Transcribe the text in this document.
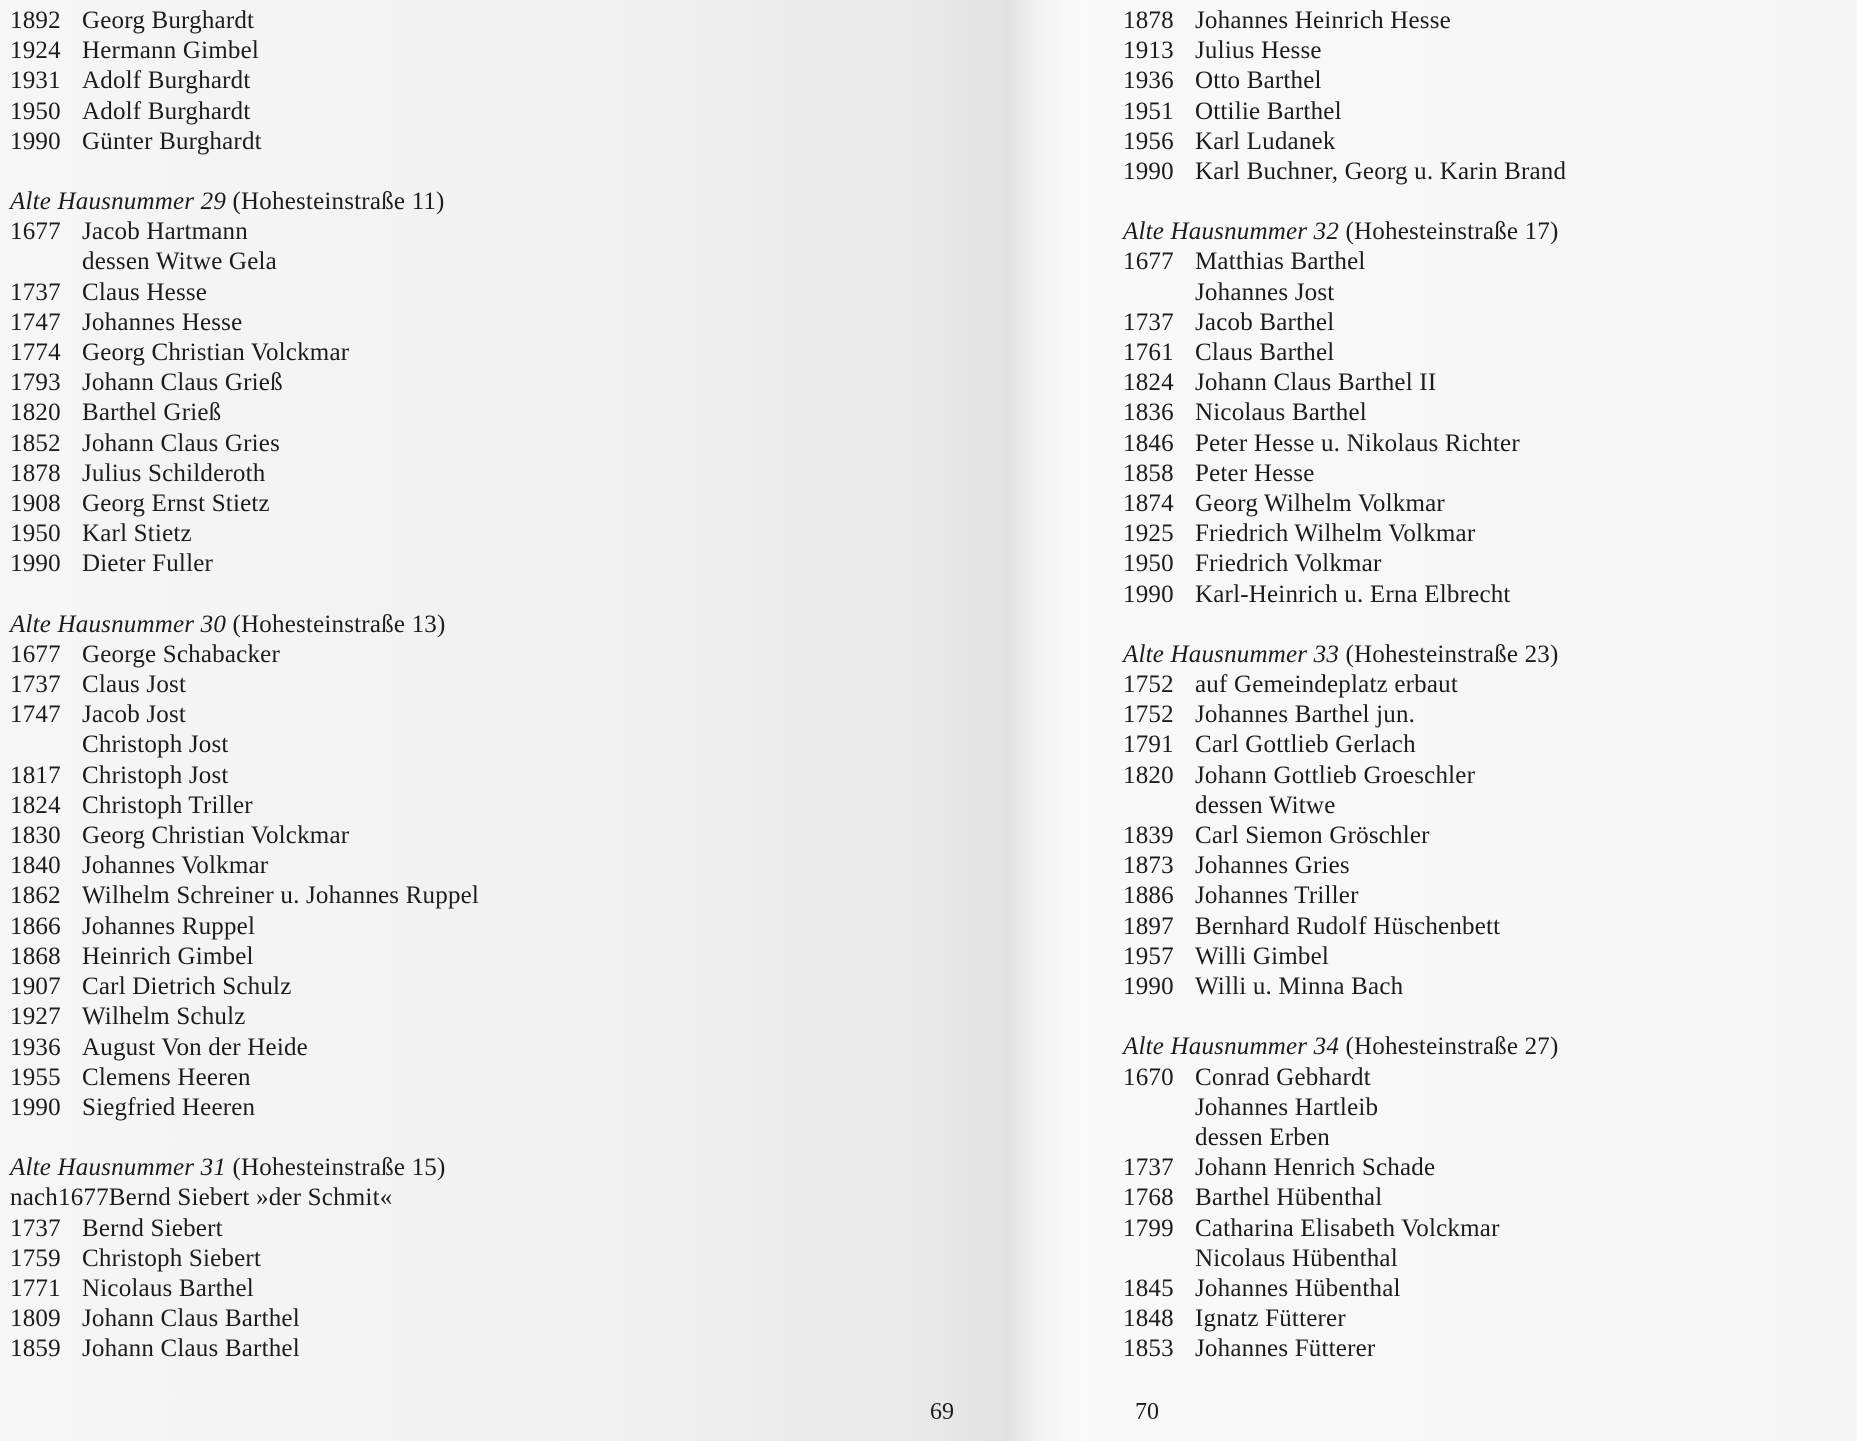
1892 Georg Burghardt
1924 Hermann Gimbel
1931 Adolf Burghardt
1950 Adolf Burghardt
1990 Günter Burghardt
Alte Hausnummer 29 (Hohesteinstraße 11)
1677 Jacob Hartmann
dessen Witwe Gela
1737 Claus Hesse
1747 Johannes Hesse
1774 Georg Christian Volckmar
1793 Johann Claus Grieß
1820 Barthel Grieß
1852 Johann Claus Gries
1878 Julius Schilderoth
1908 Georg Ernst Stietz
1950 Karl Stietz
1990 Dieter Fuller
Alte Hausnummer 30 (Hohesteinstraße 13)
1677 George Schabacker
1737 Claus Jost
1747 Jacob Jost
Christoph Jost
1817 Christoph Jost
1824 Christoph Triller
1830 Georg Christian Volckmar
1840 Johannes Volkmar
1862 Wilhelm Schreiner u. Johannes Ruppel
1866 Johannes Ruppel
1868 Heinrich Gimbel
1907 Carl Dietrich Schulz
1927 Wilhelm Schulz
1936 August Von der Heide
1955 Clemens Heeren
1990 Siegfried Heeren
Alte Hausnummer 31 (Hohesteinstraße 15)
nach1677 Bernd Siebert »der Schmit«
1737 Bernd Siebert
1759 Christoph Siebert
1771 Nicolaus Barthel
1809 Johann Claus Barthel
1859 Johann Claus Barthel
69
1878 Johannes Heinrich Hesse
1913 Julius Hesse
1936 Otto Barthel
1951 Ottilie Barthel
1956 Karl Ludanek
1990 Karl Buchner, Georg u. Karin Brand
Alte Hausnummer 32 (Hohesteinstraße 17)
1677 Matthias Barthel
Johannes Jost
1737 Jacob Barthel
1761 Claus Barthel
1824 Johann Claus Barthel II
1836 Nicolaus Barthel
1846 Peter Hesse u. Nikolaus Richter
1858 Peter Hesse
1874 Georg Wilhelm Volkmar
1925 Friedrich Wilhelm Volkmar
1950 Friedrich Volkmar
1990 Karl-Heinrich u. Erna Elbrecht
Alte Hausnummer 33 (Hohesteinstraße 23)
1752 auf Gemeindeplatz erbaut
1752 Johannes Barthel jun.
1791 Carl Gottlieb Gerlach
1820 Johann Gottlieb Groeschler
dessen Witwe
1839 Carl Siemon Gröschler
1873 Johannes Gries
1886 Johannes Triller
1897 Bernhard Rudolf Hüschenbett
1957 Willi Gimbel
1990 Willi u. Minna Bach
Alte Hausnummer 34 (Hohesteinstraße 27)
1670 Conrad Gebhardt
Johannes Hartleib
dessen Erben
1737 Johann Henrich Schade
1768 Barthel Hübenthal
1799 Catharina Elisabeth Volckmar
Nicolaus Hübenthal
1845 Johannes Hübenthal
1848 Ignatz Fütterer
1853 Johannes Fütterer
70
